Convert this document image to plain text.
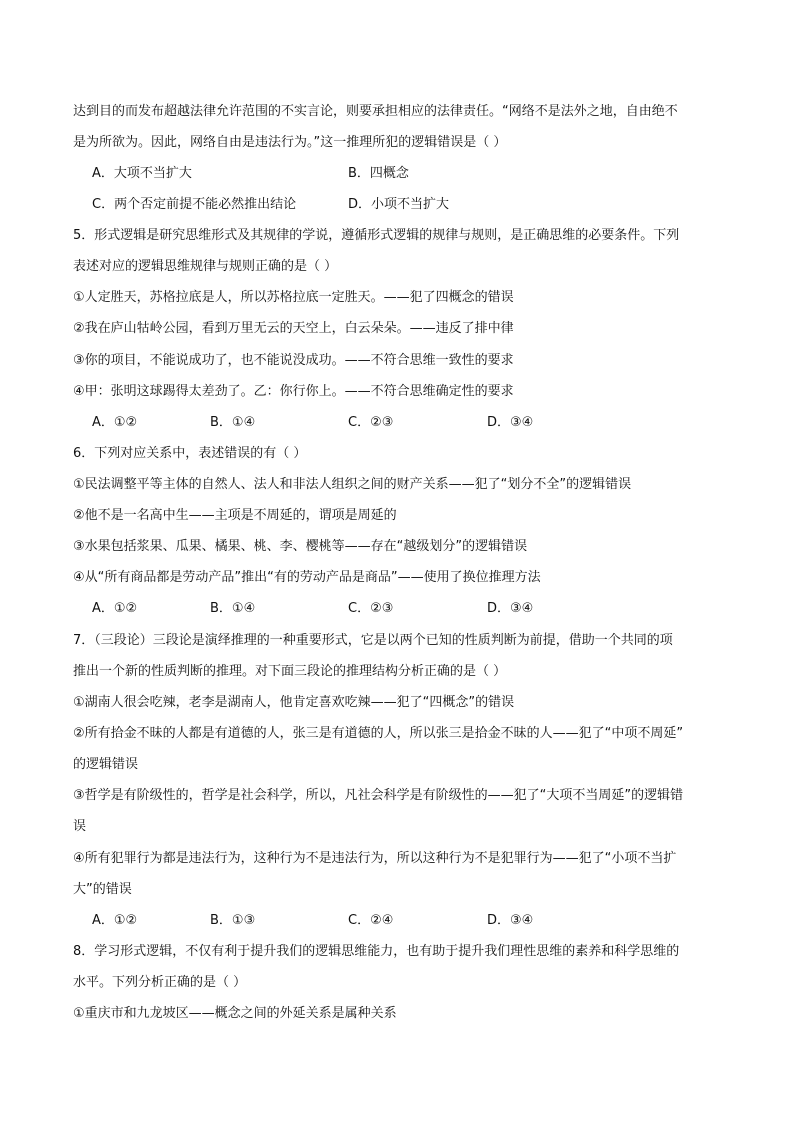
达到目的而发布超越法律允许范围的不实言论，则要承担相应的法律责任。“网络不是法外之地，自由绝不
是为所欲为。因此，网络自由是违法行为。”这一推理所犯的逻辑错误是（ ）
A．大项不当扩大	B．四概念
C．两个否定前提不能必然推出结论	D．小项不当扩大
5．形式逻辑是研究思维形式及其规律的学说，遵循形式逻辑的规律与规则，是正确思维的必要条件。下列
表述对应的逻辑思维规律与规则正确的是（ ）
①人定胜天，苏格拉底是人，所以苏格拉底一定胜天。——犯了四概念的错误
②我在庐山牯岭公园，看到万里无云的天空上，白云朵朵。——违反了排中律
③你的项目，不能说成功了，也不能说没成功。——不符合思维一致性的要求
④甲：张明这球踢得太差劲了。乙：你行你上。——不符合思维确定性的要求
A．①②	B．①④	C．②③	D．③④
6．下列对应关系中，表述错误的有（ ）
①民法调整平等主体的自然人、法人和非法人组织之间的财产关系——犯了“划分不全”的逻辑错误
②他不是一名高中生——主项是不周延的，谓项是周延的
③水果包括浆果、瓜果、橘果、桃、李、樱桃等——存在“越级划分”的逻辑错误
④从“所有商品都是劳动产品”推出“有的劳动产品是商品”——使用了换位推理方法
A．①②	B．①④	C．②③	D．③④
7．（三段论）三段论是演绎推理的一种重要形式，它是以两个已知的性质判断为前提，借助一个共同的项
推出一个新的性质判断的推理。对下面三段论的推理结构分析正确的是（ ）
①湖南人很会吃辣，老李是湖南人，他肯定喜欢吃辣——犯了“四概念”的错误
②所有拾金不昧的人都是有道德的人，张三是有道德的人，所以张三是拾金不昧的人——犯了“中项不周延”
的逻辑错误
③哲学是有阶级性的，哲学是社会科学，所以，凡社会科学是有阶级性的——犯了“大项不当周延”的逻辑错
误
④所有犯罪行为都是违法行为，这种行为不是违法行为，所以这种行为不是犯罪行为——犯了“小项不当扩
大”的错误
A．①②	B．①③	C．②④	D．③④
8．学习形式逻辑，不仅有利于提升我们的逻辑思维能力，也有助于提升我们理性思维的素养和科学思维的
水平。下列分析正确的是（ ）
①重庆市和九龙坡区——概念之间的外延关系是属种关系
